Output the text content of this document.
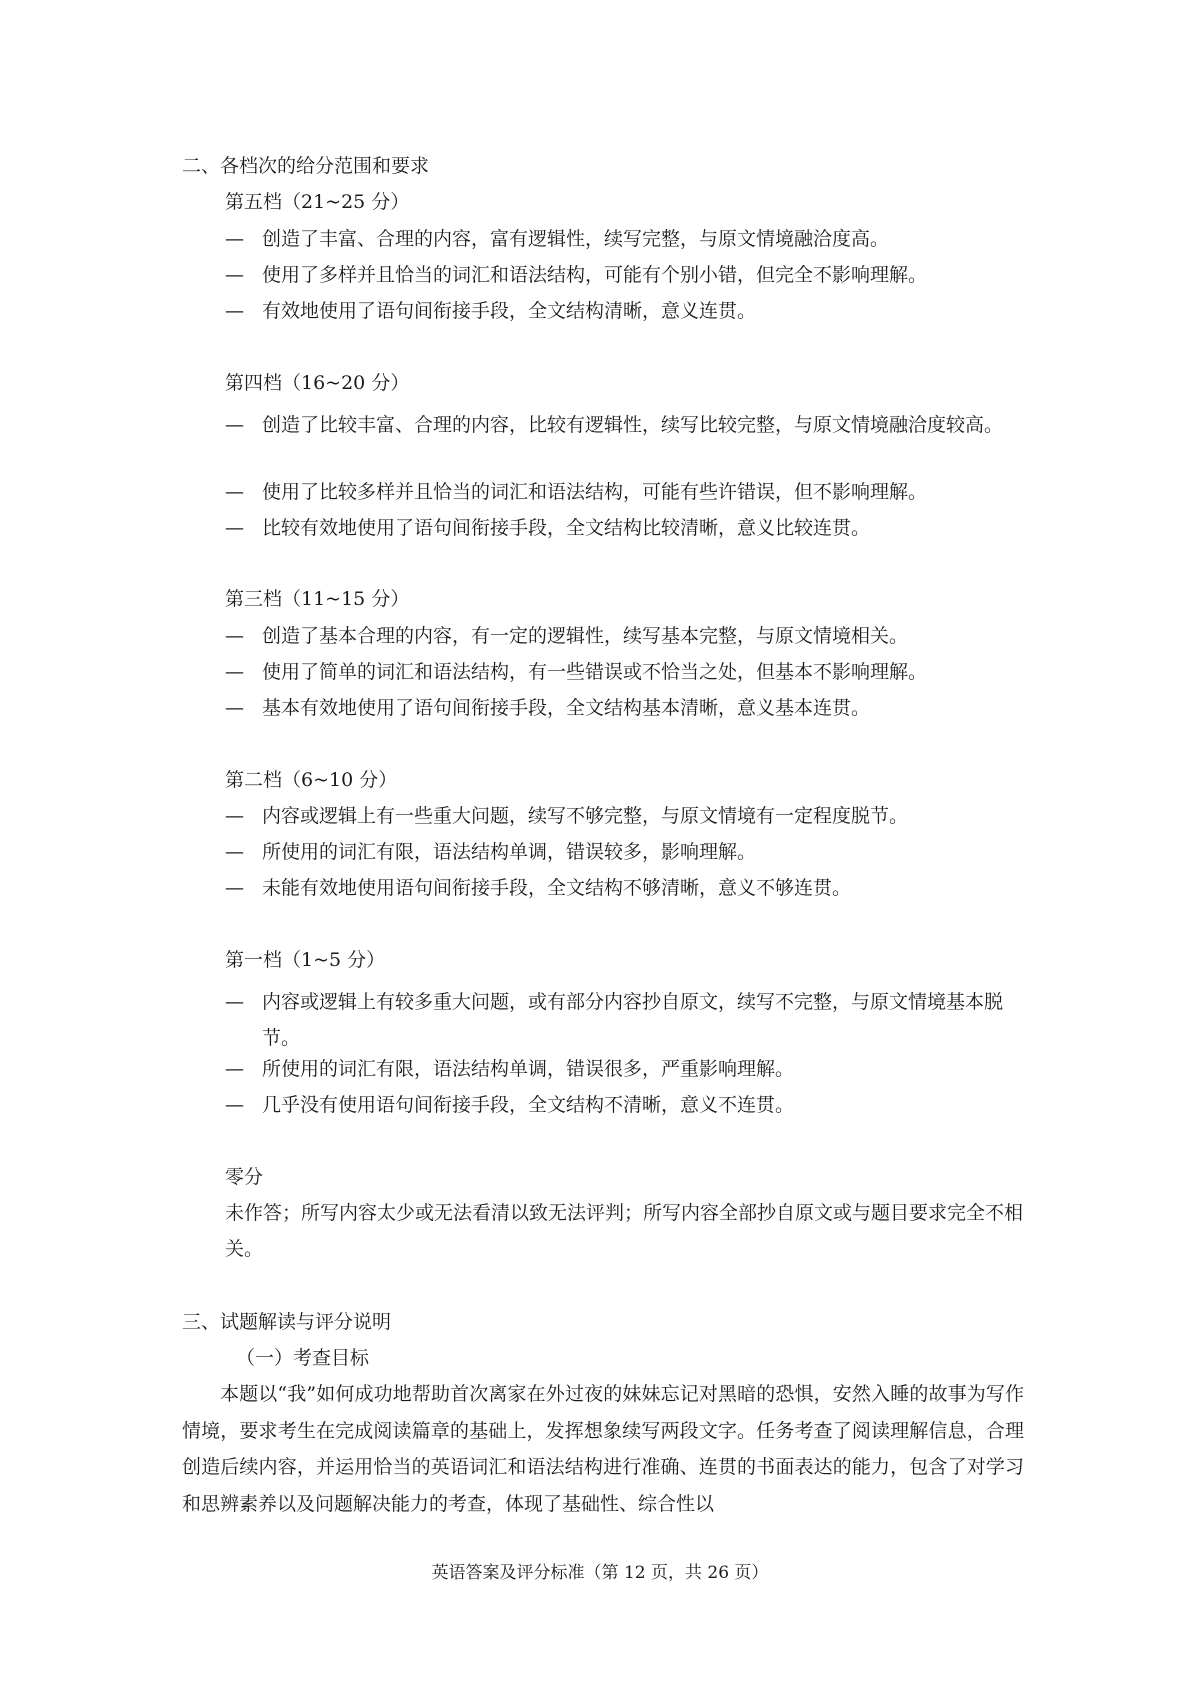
二、各档次的给分范围和要求
第五档（21~25 分）
— 创造了丰富、合理的内容，富有逻辑性，续写完整，与原文情境融洽度高。
— 使用了多样并且恰当的词汇和语法结构，可能有个别小错，但完全不影响理解。
— 有效地使用了语句间衔接手段，全文结构清晰，意义连贯。
第四档（16~20 分）
— 创造了比较丰富、合理的内容，比较有逻辑性，续写比较完整，与原文情境融洽度较高。
— 使用了比较多样并且恰当的词汇和语法结构，可能有些许错误，但不影响理解。
— 比较有效地使用了语句间衔接手段，全文结构比较清晰，意义比较连贯。
第三档（11~15 分）
— 创造了基本合理的内容，有一定的逻辑性，续写基本完整，与原文情境相关。
— 使用了简单的词汇和语法结构，有一些错误或不恰当之处，但基本不影响理解。
— 基本有效地使用了语句间衔接手段，全文结构基本清晰，意义基本连贯。
第二档（6~10 分）
— 内容或逻辑上有一些重大问题，续写不够完整，与原文情境有一定程度脱节。
— 所使用的词汇有限，语法结构单调，错误较多，影响理解。
— 未能有效地使用语句间衔接手段，全文结构不够清晰，意义不够连贯。
第一档（1~5 分）
— 内容或逻辑上有较多重大问题，或有部分内容抄自原文，续写不完整，与原文情境基本脱节。
— 所使用的词汇有限，语法结构单调，错误很多，严重影响理解。
— 几乎没有使用语句间衔接手段，全文结构不清晰，意义不连贯。
零分
未作答；所写内容太少或无法看清以致无法评判；所写内容全部抄自原文或与题目要求完全不相关。
三、试题解读与评分说明
（一）考查目标
本题以“我”如何成功地帮助首次离家在外过夜的妹妹忘记对黑暗的恐惧，安然入睡的故事为写作情境，要求考生在完成阅读篇章的基础上，发挥想象续写两段文字。任务考查了阅读理解信息，合理创造后续内容，并运用恰当的英语词汇和语法结构进行准确、连贯的书面表达的能力，包含了对学习和思辨素养以及问题解决能力的考查，体现了基础性、综合性以
英语答案及评分标准（第 12 页，共 26 页）
